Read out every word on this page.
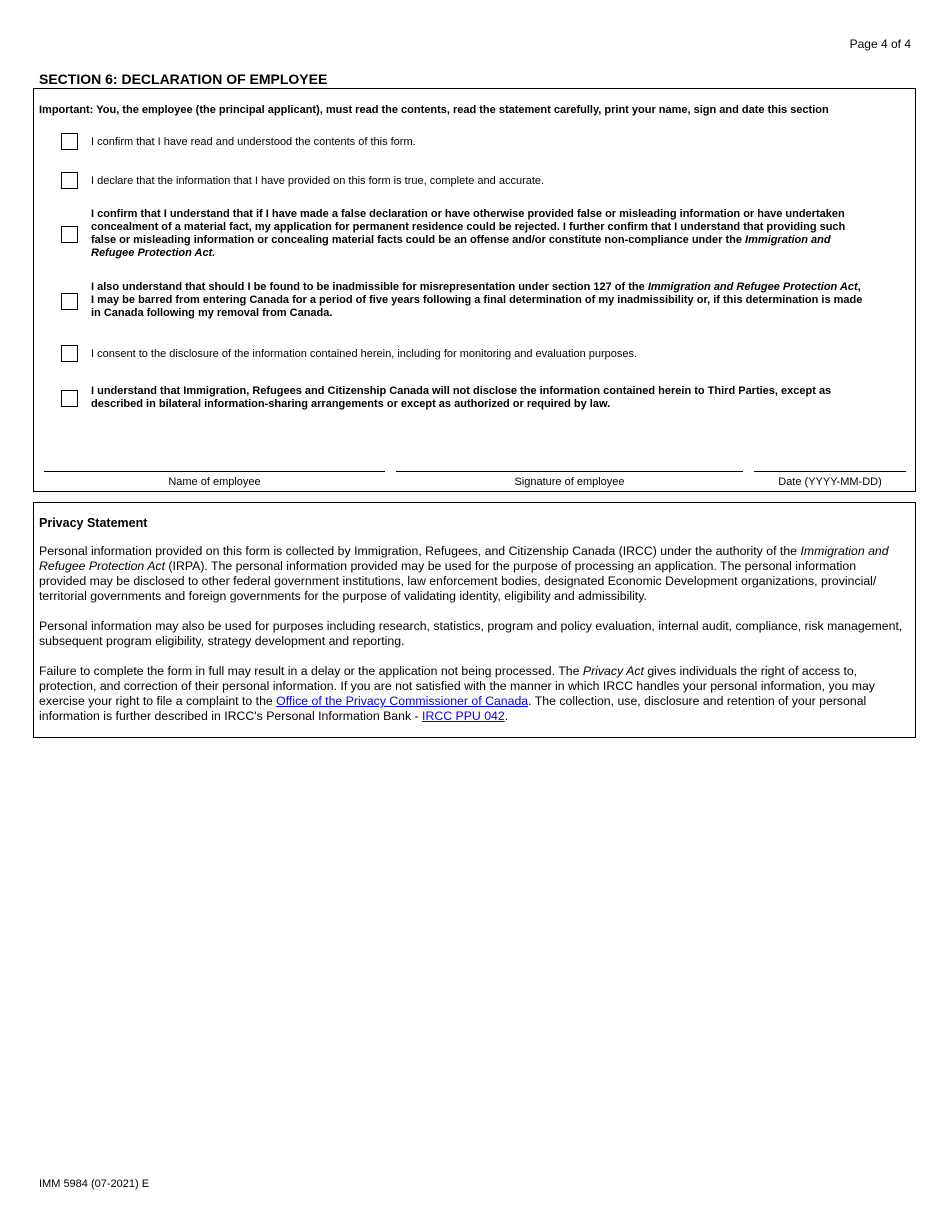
Page 4 of 4
SECTION 6: DECLARATION OF EMPLOYEE
Important: You, the employee (the principal applicant), must read the contents, read the statement carefully, print your name, sign and date this section
I confirm that I have read and understood the contents of this form.
I declare that the information that I have provided on this form is true, complete and accurate.
I confirm that I understand that if I have made a false declaration or have otherwise provided false or misleading information or have undertaken concealment of a material fact, my application for permanent residence could be rejected. I further confirm that I understand that providing such false or misleading information or concealing material facts could be an offense and/or constitute non-compliance under the Immigration and Refugee Protection Act.
I also understand that should I be found to be inadmissible for misrepresentation under section 127 of the Immigration and Refugee Protection Act, I may be barred from entering Canada for a period of five years following a final determination of my inadmissibility or, if this determination is made in Canada following my removal from Canada.
I consent to the disclosure of the information contained herein, including for monitoring and evaluation purposes.
I understand that Immigration, Refugees and Citizenship Canada will not disclose the information contained herein to Third Parties, except as described in bilateral information-sharing arrangements or except as authorized or required by law.
Name of employee	Signature of employee	Date (YYYY-MM-DD)
Privacy Statement
Personal information provided on this form is collected by Immigration, Refugees, and Citizenship Canada (IRCC) under the authority of the Immigration and Refugee Protection Act (IRPA). The personal information provided may be used for the purpose of processing an application. The personal information provided may be disclosed to other federal government institutions, law enforcement bodies, designated Economic Development organizations, provincial/ territorial governments and foreign governments for the purpose of validating identity, eligibility and admissibility.
Personal information may also be used for purposes including research, statistics, program and policy evaluation, internal audit, compliance, risk management, subsequent program eligibility, strategy development and reporting.
Failure to complete the form in full may result in a delay or the application not being processed. The Privacy Act gives individuals the right of access to, protection, and correction of their personal information. If you are not satisfied with the manner in which IRCC handles your personal information, you may exercise your right to file a complaint to the Office of the Privacy Commissioner of Canada. The collection, use, disclosure and retention of your personal information is further described in IRCC's Personal Information Bank - IRCC PPU 042.
IMM 5984 (07-2021) E
